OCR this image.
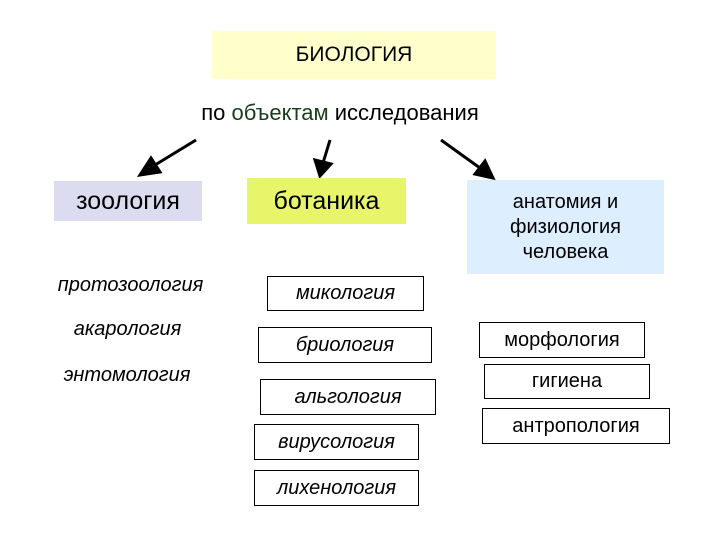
БИОЛОГИЯ
по объектам исследования
зоология
протозоология
акарология
энтомология
ботаника
микология
бриология
альгология
вирусология
лихенология
анатомия и физиология человека
морфология
гигиена
антропология
